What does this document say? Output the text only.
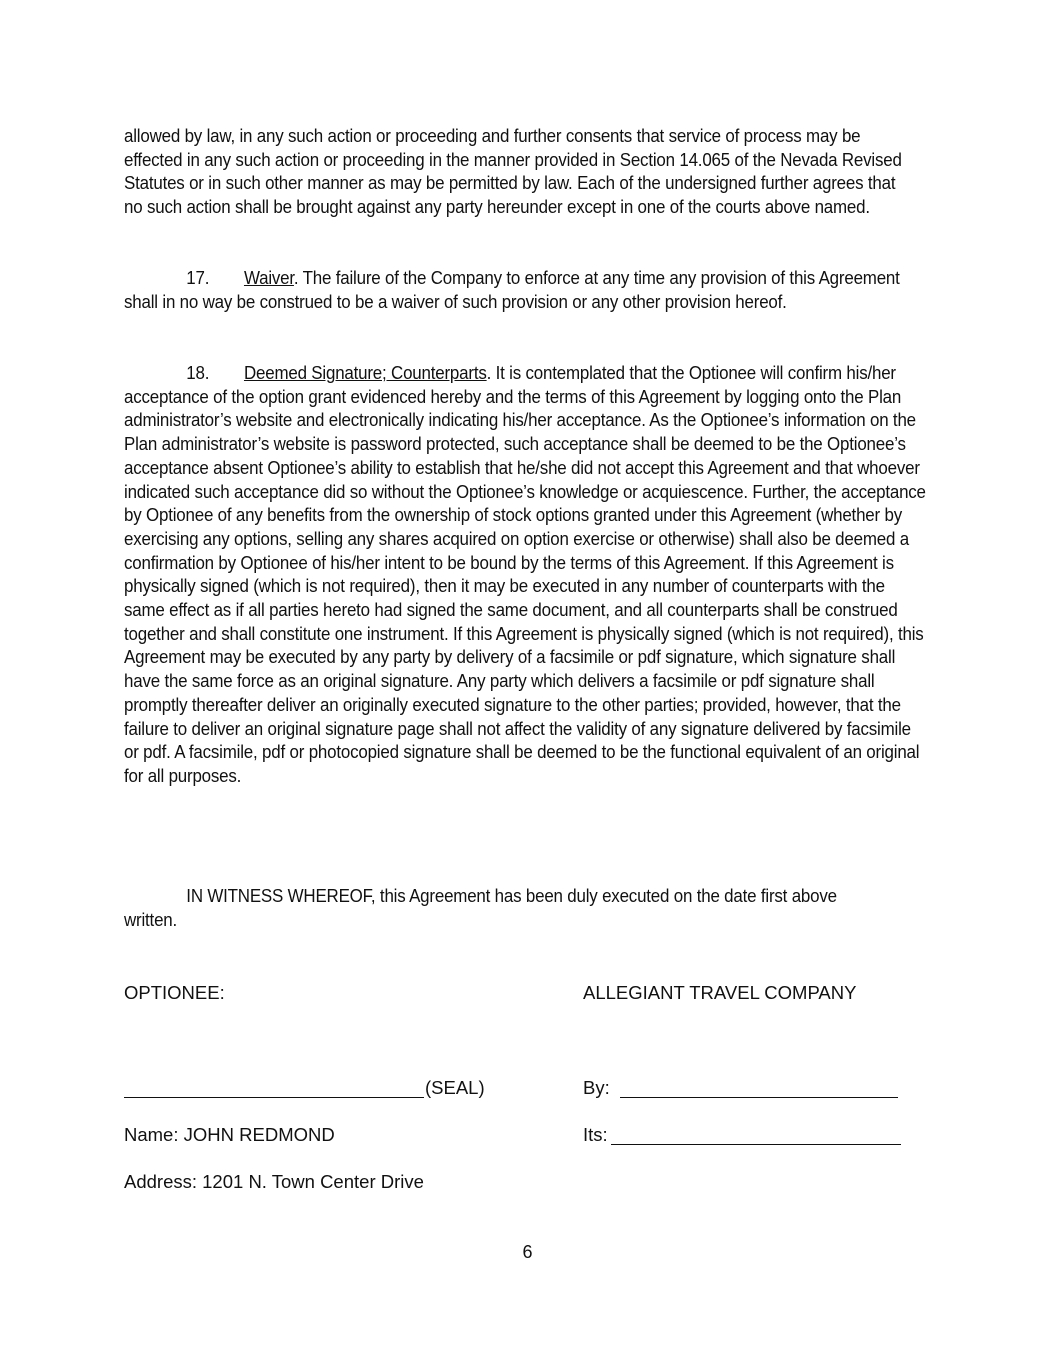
allowed by law, in any such action or proceeding and further consents that service of process may be effected in any such action or proceeding in the manner provided in Section 14.065 of the Nevada Revised Statutes or in such other manner as may be permitted by law. Each of the undersigned further agrees that no such action shall be brought against any party hereunder except in one of the courts above named.

17. Waiver. The failure of the Company to enforce at any time any provision of this Agreement shall in no way be construed to be a waiver of such provision or any other provision hereof.

18. Deemed Signature; Counterparts. It is contemplated that the Optionee will confirm his/her acceptance of the option grant evidenced hereby and the terms of this Agreement by logging onto the Plan administrator’s website and electronically indicating his/her acceptance. As the Optionee’s information on the Plan administrator’s website is password protected, such acceptance shall be deemed to be the Optionee’s acceptance absent Optionee’s ability to establish that he/she did not accept this Agreement and that whoever indicated such acceptance did so without the Optionee’s knowledge or acquiescence. Further, the acceptance by Optionee of any benefits from the ownership of stock options granted under this Agreement (whether by exercising any options, selling any shares acquired on option exercise or otherwise) shall also be deemed a confirmation by Optionee of his/her intent to be bound by the terms of this Agreement. If this Agreement is physically signed (which is not required), then it may be executed in any number of counterparts with the same effect as if all parties hereto had signed the same document, and all counterparts shall be construed together and shall constitute one instrument. If this Agreement is physically signed (which is not required), this Agreement may be executed by any party by delivery of a facsimile or pdf signature, which signature shall have the same force as an original signature. Any party which delivers a facsimile or pdf signature shall promptly thereafter deliver an originally executed signature to the other parties; provided, however, that the failure to deliver an original signature page shall not affect the validity of any signature delivered by facsimile or pdf. A facsimile, pdf or photocopied signature shall be deemed to be the functional equivalent of an original for all purposes.

IN WITNESS WHEREOF, this Agreement has been duly executed on the date first above written.

OPTIONEE:	ALLEGIANT TRAVEL COMPANY
(SEAL)	By:
Name: JOHN REDMOND	Its:
Address: 1201 N. Town Center Drive
6
